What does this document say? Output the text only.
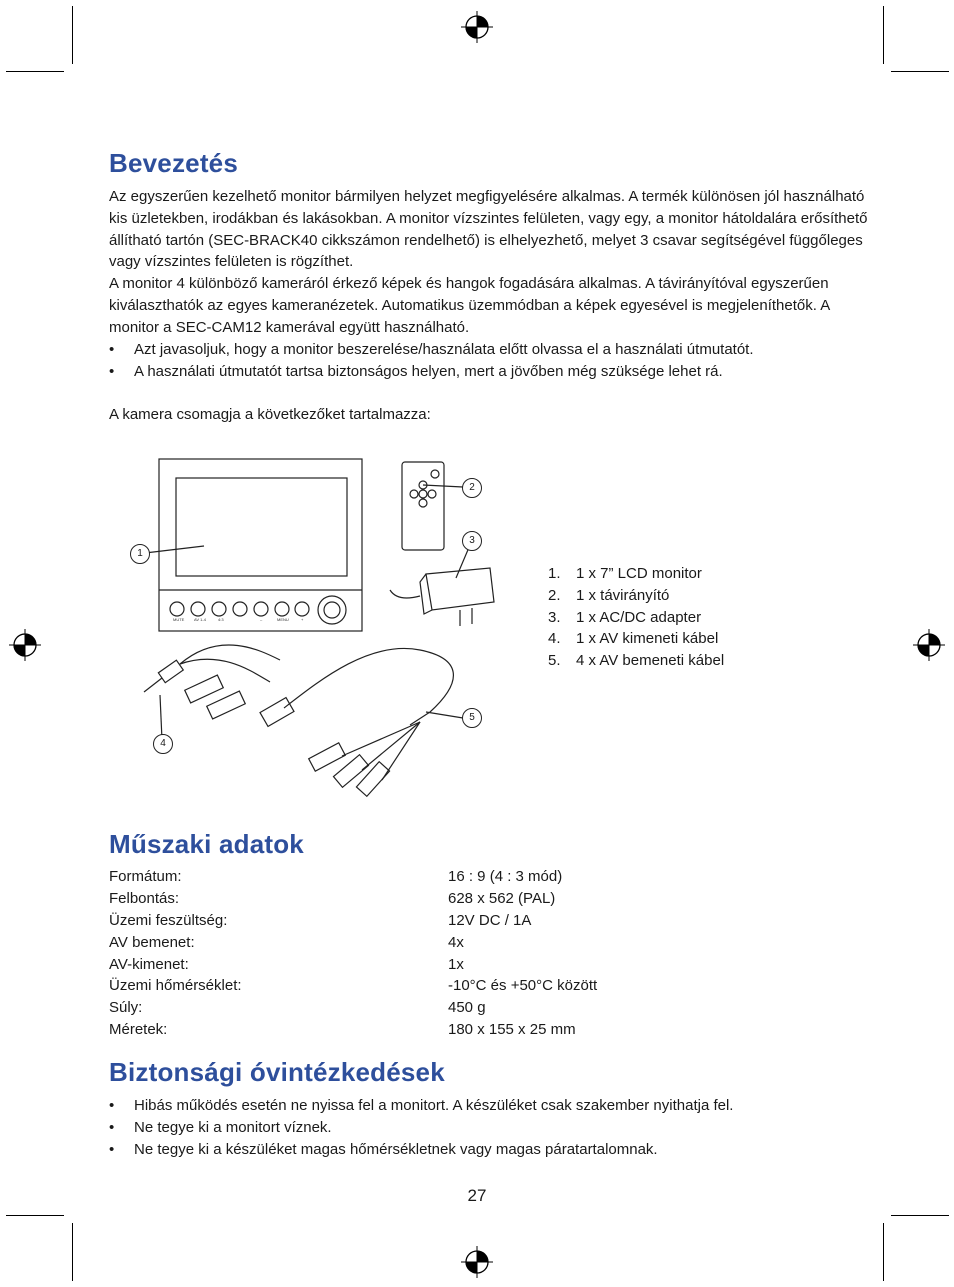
Bevezetés

Az egyszerűen kezelhető monitor bármilyen helyzet megfigyelésére alkalmas. A termék különösen jól használható kis üzletekben, irodákban és lakásokban. A monitor vízszintes felületen, vagy egy, a monitor hátoldalára erősíthető állítható tartón (SEC-BRACK40 cikkszámon rendelhető) is elhelyezhető, melyet 3 csavar segítségével függőleges vagy vízszintes felületen is rögzíthet.

A monitor 4 különböző kameráról érkező képek és hangok fogadására alkalmas. A távirányítóval egyszerűen kiválaszthatók az egyes kameranézetek. Automatikus üzemmódban a képek egyesével is megjeleníthetők. A monitor a SEC-CAM12 kamerával együtt használható.

• Azt javasoljuk, hogy a monitor beszerelése/használata előtt olvassa el a használati útmutatót.
• A használati útmutatót tartsa biztonságos helyen, mert a jövőben még szüksége lehet rá.
A kamera csomagja a következőket tartalmazza:
1
2
3
4
5
MUTE AV 1-4	4:3	–	MENU	+
1. 1 x 7” LCD monitor
2. 1 x távirányító
3. 1 x AC/DC adapter
4. 1 x AV kimeneti kábel
5. 4 x AV bemeneti kábel
Műszaki adatok
Formátum:	16 : 9 (4 : 3 mód)
Felbontás:	628 x 562 (PAL)
Üzemi feszültség:	12V DC / 1A
AV bemenet:	4x
AV-kimenet:	1x
Üzemi hőmérséklet:	-10°C és +50°C között
Súly:	450 g
Méretek:	180 x 155 x 25 mm
Biztonsági óvintézkedések
• Hibás működés esetén ne nyissa fel a monitort. A készüléket csak szakember nyithatja fel.
• Ne tegye ki a monitort víznek.
• Ne tegye ki a készüléket magas hőmérsékletnek vagy magas páratartalomnak.
27
